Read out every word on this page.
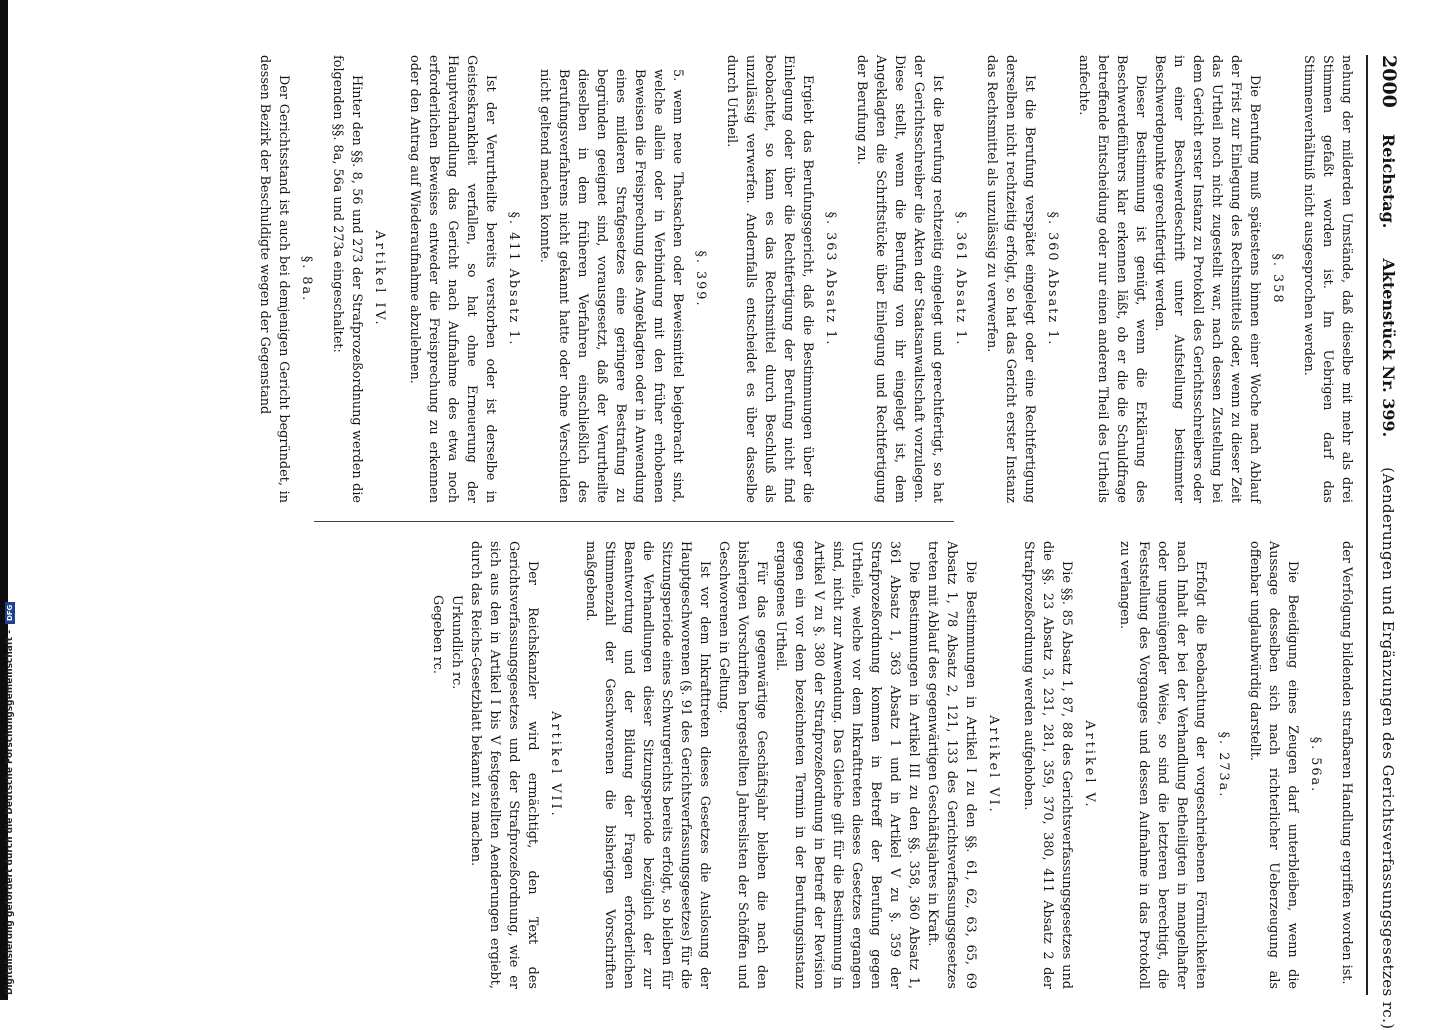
Digitalisierung gefördert durch die Deutsche Forschungsgemeinschaft -
DFG
2000
Reichstag.
Aktenstück Nr. 399.
(Aenderungen und Ergänzungen des Gerichtsverfassungsgesetzes rc.)

nehung der milderden Umstände, daß dieselbe mit mehr als drei Stimmen gefaßt worden ist. Im Uebrigen darf das Stimmenverhältniß nicht ausgesprochen werden.

§. 358

Die Berufung muß spätestens binnen einer Woche nach Ablauf der Frist zur Einlegung des Rechtsmittels oder, wenn zu dieser Zeit das Urtheil noch nicht zugestellt war, nach dessen Zustellung bei dem Gericht erster Instanz zu Protokoll des Gerichtsschreibers oder in einer Beschwerdeschrift unter Aufstellung bestimmter Beschwerdepunkte gerechtfertigt werden.

Dieser Bestimmung ist genügt, wenn die Erklärung des Beschwerdeführers klar erkennen läßt, ob er die die Schuldfrage betreffende Entscheidung oder nur einen anderen Theil des Urtheils anfechte.

§. 360 Absatz 1.

Ist die Berufung verspätet eingelegt oder eine Rechtfertigung derselben nicht rechtzeitig erfolgt, so hat das Gericht erster Instanz das Rechtsmittel als unzulässig zu verwerfen.

§. 361 Absatz 1.

Ist die Berufung rechtzeitig eingelegt und gerechtfertigt, so hat der Gerichtsschreiber die Akten der Staatsanwaltschaft vorzulegen. Diese stellt, wenn die Berufung von ihr eingelegt ist, dem Angeklagten die Schriftstücke über Einlegung und Rechtfertigung der Berufung zu.

§. 363 Absatz 1.

Ergiebt das Berufungsgericht, daß die Bestimmungen über die Einlegung oder über die Rechtfertigung der Berufung nicht find beobachtet, so kann es das Rechtsmittel durch Beschluß als unzulässig verwerfen. Andernfalls entscheidet es über dasselbe durch Urtheil.

§. 399.

5. wenn neue Thatsachen oder Beweismittel beigebracht sind, welche allein oder in Verbindung mit den früher erhobenen Beweisen die Freisprechung des Angeklagten oder in Anwendung eines milderen Strafgesetzes eine geringere Bestrafung zu begründen geeignet sind, vorausgesetzt, daß der Verurtheilte dieselben in dem früheren Verfahren einschließlich des Berufungsverfahrens nicht gekannt hatte oder ohne Verschulden nicht geltend machen konnte.

§. 411 Absatz 1.

Ist der Verurtheilte bereits verstorben oder ist derselbe in Geisteskrankheit verfallen, so hat ohne Erneuerung der Hauptverhandlung das Gericht nach Aufnahme des etwa noch erforderlichen Beweises entweder die Freisprechung zu erkennen oder den Antrag auf Wiederaufnahme abzulehnen.

Artikel IV.

Hinter den §§. 8, 56 und 273 der Strafprozeßordnung werden die folgenden §§. 8a, 56a und 273a eingeschaltet:

§. 8a.

Der Gerichtsstand ist auch bei demjenigen Gericht begründet, in dessen Bezirk der Beschuldigte wegen der Gegenstand

der Verfolgung bildenden strafbaren Handlung ergriffen worden ist.

§. 56a.

Die Beeidigung eines Zeugen darf unterbleiben, wenn die Aussage desselben sich nach richterlicher Ueberzeugung als offenbar unglaubwürdig darstellt.

§. 273a.

Erfolgt die Beobachtung der vorgeschriebenen Förmlichkeiten nach Inhalt der bei der Verhandlung Betheiligten in mangelhafter oder ungenügender Weise, so sind die letzteren berechtigt, die Feststellung des Vorganges und dessen Aufnahme in das Protokoll zu verlangen.

Artikel V.

Die §§. 85 Absatz 1, 87, 88 des Gerichtsverfassungsgesetzes und die §§. 23 Absatz 3, 231, 281, 359, 370, 380, 411 Absatz 2 der Strafprozeßordnung werden aufgehoben.

Artikel VI.

Die Bestimmungen in Artikel I zu den §§. 61, 62, 63, 65, 69 Absatz 1, 78 Absatz 2, 121, 133 des Gerichtsverfassungsgesetzes treten mit Ablauf des gegenwärtigen Geschäftsjahres in Kraft.

Die Bestimmungen in Artikel III zu den §§. 358, 360 Absatz 1, 361 Absatz 1, 363 Absatz 1 und in Artikel V zu §. 359 der Strafprozeßordnung kommen in Betreff der Berufung gegen Urtheile, welche vor dem Inkrafttreten dieses Gesetzes ergangen sind, nicht zur Anwendung. Das Gleiche gilt für die Bestimmung in Artikel V zu §. 380 der Strafprozeßordnung in Betreff der Revision gegen ein vor dem bezeichneten Termin in der Berufungsinstanz ergangenes Urtheil.

Für das gegenwärtige Geschäftsjahr bleiben die nach den bisherigen Vorschriften hergestellten Jahreslisten der Schöffen und Geschworenen in Geltung.

Ist vor dem Inkrafttreten dieses Gesetzes die Auslosung der Hauptgeschworenen (§. 91 des Gerichtsverfassungsgesetzes) für die Sitzungsperiode eines Schwurgerichts bereits erfolgt, so bleiben für die Verhandlungen dieser Sitzungsperiode bezüglich der zur Beantwortung und der Bildung der Fragen erforderlichen Stimmenzahl der Geschworenen die bisherigen Vorschriften maßgebend.

Artikel VII.

Der Reichskanzler wird ermächtigt, den Text des Gerichtsverfassungsgesetzes und der Strafprozeßordnung, wie er sich aus den in Artikel I bis V festgestellten Aenderungen ergiebt, durch das Reichs-Gesetzblatt bekannt zu machen.

Urkundlich rc.

Gegeben rc.
